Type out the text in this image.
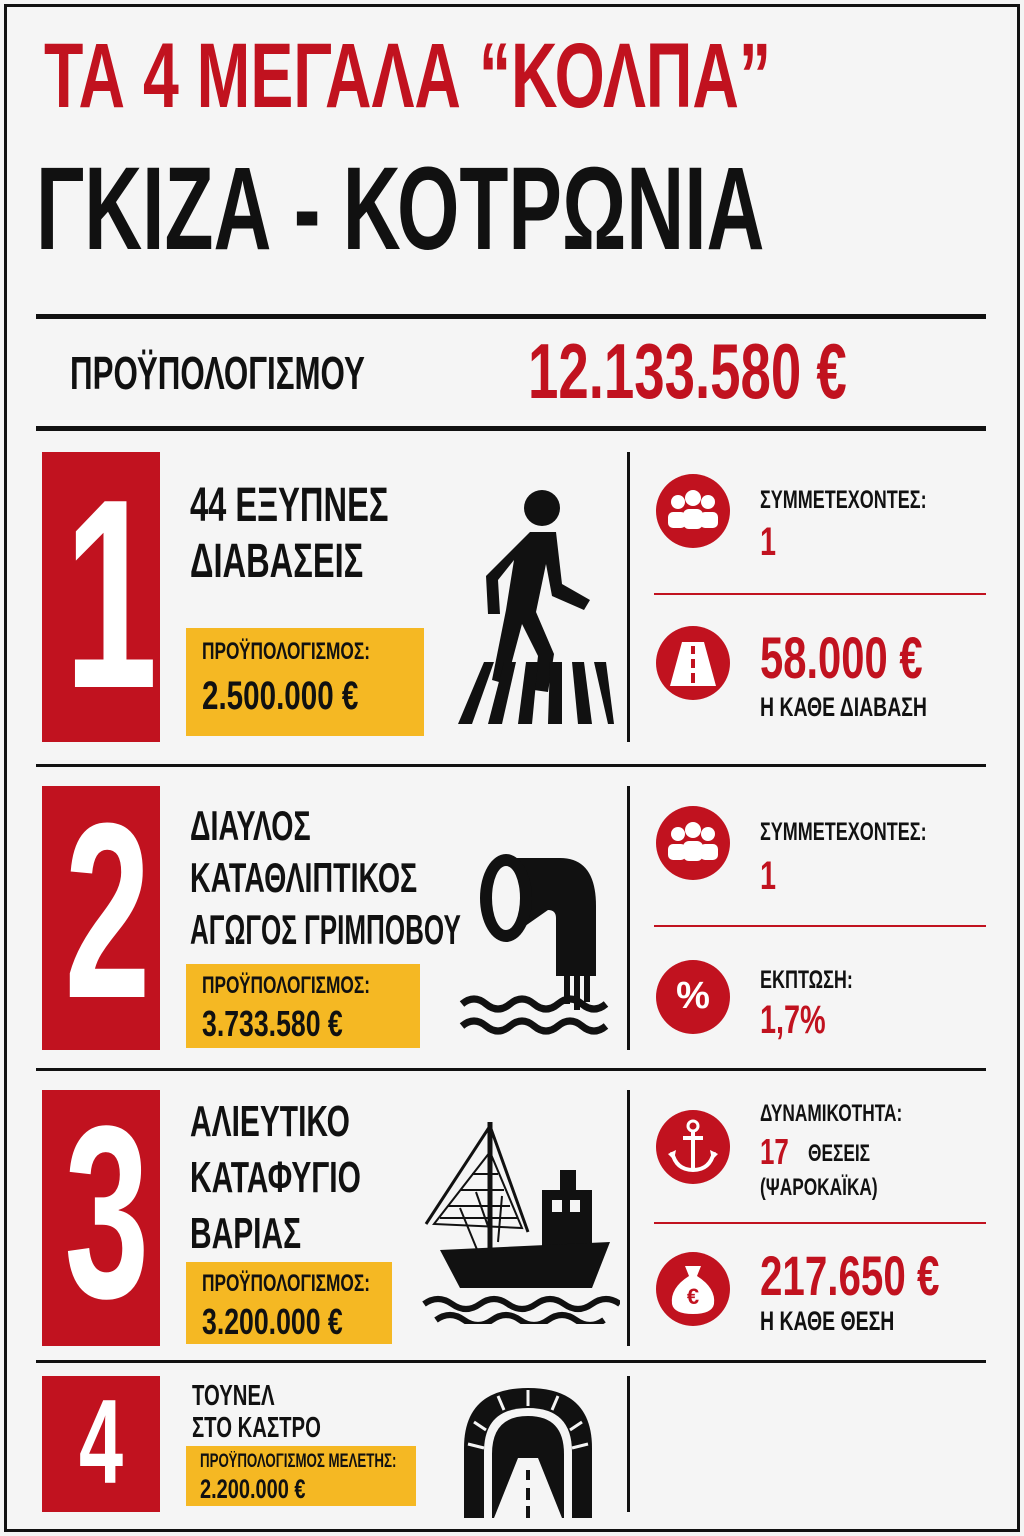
ΤΑ 4 ΜΕΓΑΛΑ “ΚΟΛΠΑ”
ΓΚΙΖΑ - ΚΟΤΡΩΝΙΑ
ΠΡΟΫΠΟΛΟΓΙΣΜΟΥ	12.133.580 €
1 44 ΕΞΥΠΝΕΣ
ΔΙΑΒΑΣΕΙΣ
ΠΡΟΫΠΟΛΟΓΙΣΜΟΣ:
2.500.000 €
ΣΥΜΜΕΤΕΧΟΝΤΕΣ:
1
58.000 €
Η ΚΑΘΕ ΔΙΑΒΑΣΗ
2 ΔΙΑΥΛΟΣ
ΚΑΤΑΘΛΙΠΤΙΚΟΣ
ΑΓΩΓΟΣ ΓΡΙΜΠΟΒΟΥ
ΠΡΟΫΠΟΛΟΓΙΣΜΟΣ:
3.733.580 €
ΣΥΜΜΕΤΕΧΟΝΤΕΣ:
1
%	ΕΚΠΤΩΣΗ:
1,7%
3 ΑΛΙΕΥΤΙΚΟ
ΚΑΤΑΦΥΓΙΟ
ΒΑΡΙΑΣ
ΠΡΟΫΠΟΛΟΓΙΣΜΟΣ:
3.200.000 €
ΔΥΝΑΜΙΚΟΤΗΤΑ:
17 ΘΕΣΕΙΣ
(ΨΑΡΟΚΑΪΚΑ)
€	217.650 €
Η ΚΑΘΕ ΘΕΣΗ
4	ΤΟΥΝΕΛ
ΣΤΟ ΚΑΣΤΡΟ
ΠΡΟΫΠΟΛΟΓΙΣΜΟΣ ΜΕΛΕΤΗΣ:
2.200.000 €
